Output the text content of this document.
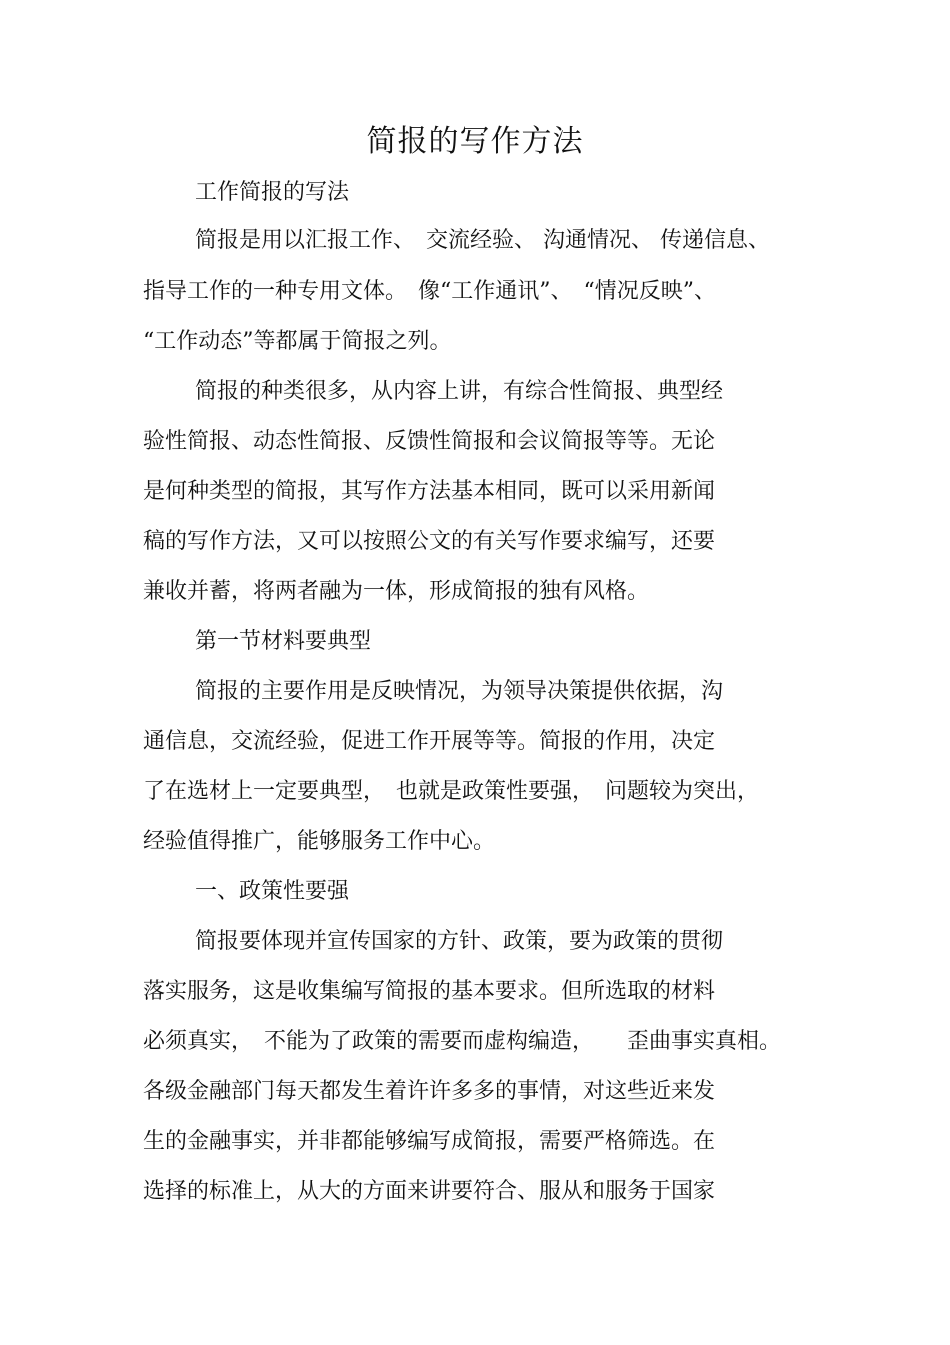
简报的写作方法
工作简报的写法
简报是用以汇报工作、　交流经验、 沟通情况、 传递信息、
指导工作的一种专用文体。　像“工作通讯”、　“情况反映”、
“工作动态”等都属于简报之列。
简报的种类很多，从内容上讲，有综合性简报、典型经
验性简报、动态性简报、反馈性简报和会议简报等等。无论
是何种类型的简报，其写作方法基本相同，既可以采用新闻
稿的写作方法，又可以按照公文的有关写作要求编写，还要
兼收并蓄，将两者融为一体，形成简报的独有风格。
第一节材料要典型
简报的主要作用是反映情况，为领导决策提供依据，沟
通信息，交流经验，促进工作开展等等。简报的作用，决定
了在选材上一定要典型，　也就是政策性要强，　问题较为突出，
经验值得推广，能够服务工作中心。
一、政策性要强
简报要体现并宣传国家的方针、政策，要为政策的贯彻
落实服务，这是收集编写简报的基本要求。但所选取的材料
必须真实，　不能为了政策的需要而虚构编造，　　歪曲事实真相。
各级金融部门每天都发生着许许多多的事情，对这些近来发
生的金融事实，并非都能够编写成简报，需要严格筛选。在
选择的标准上，从大的方面来讲要符合、服从和服务于国家
